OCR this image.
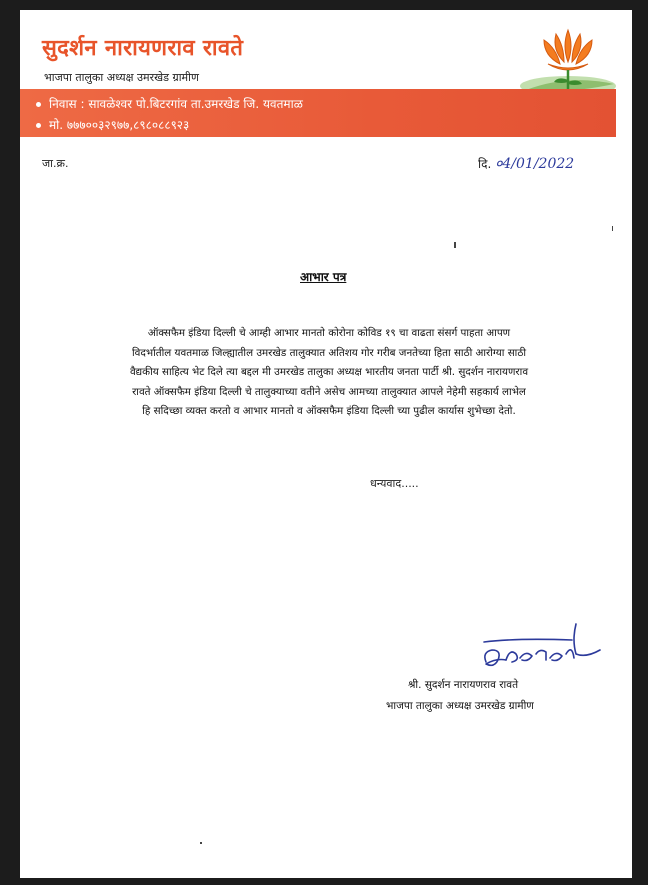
सुदर्शन नारायणराव रावते
भाजपा तालुका अध्यक्ष उमरखेड ग्रामीण
निवास : सावळेश्वर पो.बिटरगांव ता.उमरखेड जि. यवतमाळ
मो. ७७७००३२९७७,८९८०८८९२३
जा.क्र.	दि. ०4/01/2022
आभार पत्र
ऑक्सफैम इंडिया दिल्ली चे आम्ही आभार मानतो कोरोना कोविड १९ चा वाढता संसर्ग पाहता आपण
विदर्भातील यवतमाळ जिल्ह्यातील उमरखेड तालुक्यात अतिशय गोर गरीब जनतेच्या हिता साठी आरोग्या साठी
वैद्यकीय साहित्य भेट दिले त्या बद्दल मी उमरखेड तालुका अध्यक्ष भारतीय जनता पार्टी श्री. सुदर्शन नारायणराव
रावते ऑक्सफैम इंडिया दिल्ली चे तालुक्याच्या वतीने असेच आमच्या तालुक्यात आपले नेहेमी सहकार्य लाभेल
हि सदिच्छा व्यक्त करतो व आभार मानतो व ऑक्सफैम इंडिया दिल्ली च्या पुढील कार्यास शुभेच्छा देतो.
धन्यवाद.....
श्री. सुदर्शन नारायणराव रावते
भाजपा तालुका अध्यक्ष उमरखेड ग्रामीण
